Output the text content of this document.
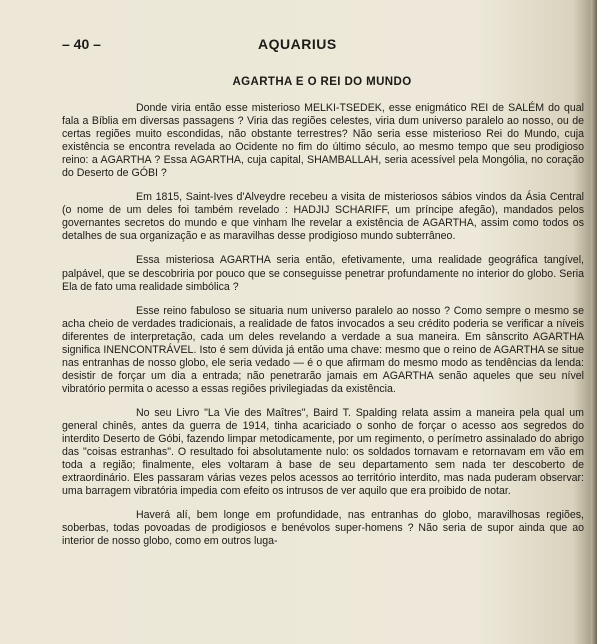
– 40 –	AQUARIUS
AGARTHA E O REI DO MUNDO

Donde viria então esse misterioso MELKI-TSEDEK, esse enigmático REI de SALÉM do qual fala a Bíblia em diversas passagens ? Viria das regiões celestes, viria dum universo paralelo ao nosso, ou de certas regiões muito escondidas, não obstante terrestres? Não seria esse misterioso Rei do Mundo, cuja existência se encontra revelada ao Ocidente no fim do último século, ao mesmo tempo que seu prodigioso reino: a AGARTHA ? Essa AGARTHA, cuja capital, SHAMBALLAH, seria acessível pela Mongólia, no coração do Deserto de GÓBI ?

Em 1815, Saint-Ives d'Alveydre recebeu a visita de misteriosos sábios vindos da Ásia Central (o nome de um deles foi também revelado : HADJIJ SCHARIFF, um príncipe afegão), mandados pelos governantes secretos do mundo e que vinham lhe revelar a existência de AGARTHA, assim como todos os detalhes de sua organização e as maravilhas desse prodigioso mundo subterrâneo.

Essa misteriosa AGARTHA seria então, efetivamente, uma realidade geográfica tangível, palpável, que se descobriria por pouco que se conseguisse penetrar profundamente no interior do globo. Seria Ela de fato uma realidade simbólica ?

Esse reino fabuloso se situaria num universo paralelo ao nosso ? Como sempre o mesmo se acha cheio de verdades tradicionais, a realidade de fatos invocados a seu crédito poderia se verificar a níveis diferentes de interpretação, cada um deles revelando a verdade a sua maneira. Em sânscrito AGARTHA significa INENCONTRÁVEL. Isto é sem dúvida já então uma chave: mesmo que o reino de AGARTHA se situe nas entranhas de nosso globo, ele seria vedado — é o que afirmam do mesmo modo as tendências da lenda: desistir de forçar um dia a entrada; não penetrarão jamais em AGARTHA senão aqueles que seu nível vibratório permita o acesso a essas regiões privilegiadas da existência.

No seu Livro "La Vie des Maîtres", Baird T. Spalding relata assim a maneira pela qual um general chinês, antes da guerra de 1914, tinha acariciado o sonho de forçar o acesso aos segredos do interdito Deserto de Góbi, fazendo limpar metodicamente, por um regimento, o perímetro assinalado do abrigo das "coisas estranhas". O resultado foi absolutamente nulo: os soldados tornavam e retornavam em vão em toda a região; finalmente, eles voltaram à base de seu departamento sem nada ter descoberto de extraordinário. Eles passaram várias vezes pelos acessos ao território interdito, mas nada puderam observar: uma barragem vibratória impedia com efeito os intrusos de ver aquilo que era proibido de notar.

Haverá alí, bem longe em profundidade, nas entranhas do globo, maravilhosas regiões, soberbas, todas povoadas de prodigiosos e benévolos super-homens ? Não seria de supor ainda que ao interior de nosso globo, como em outros luga-
